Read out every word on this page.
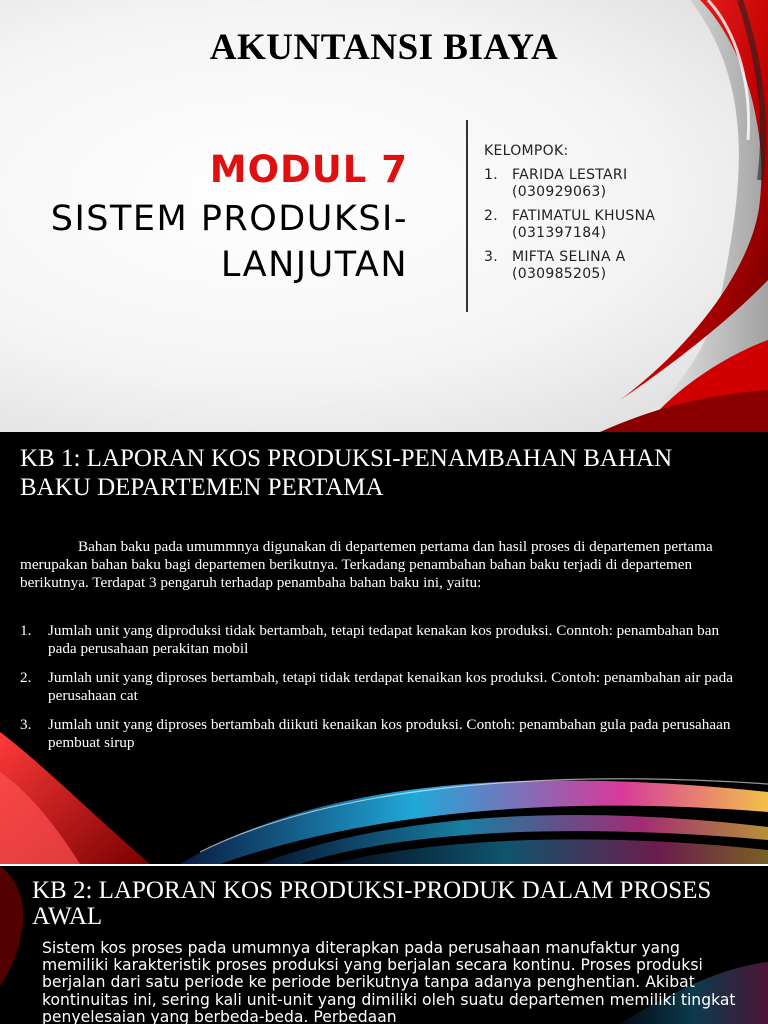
AKUNTANSI BIAYA
MODUL 7
SISTEM PRODUKSI-
LANJUTAN
KELOMPOK:
1.	FARIDA LESTARI
(030929063)
2.	FATIMATUL KHUSNA
(031397184)
3.	MIFTA SELINA A
(030985205)
KB 1: LAPORAN KOS PRODUKSI-PENAMBAHAN BAHAN BAKU DEPARTEMEN PERTAMA

Bahan baku pada umummnya digunakan di departemen pertama dan hasil proses di departemen pertama merupakan bahan baku bagi departemen berikutnya. Terkadang penambahan bahan baku terjadi di departemen berikutnya. Terdapat 3 pengaruh terhadap penambaha bahan baku ini, yaitu:

1.	Jumlah unit yang diproduksi tidak bertambah, tetapi tedapat kenakan kos produksi. Conntoh: penambahan ban pada perusahaan perakitan mobil
2.	Jumlah unit yang diproses bertambah, tetapi tidak terdapat kenaikan kos produksi. Contoh: penambahan air pada perusahaan cat
3.	Jumlah unit yang diproses bertambah diikuti kenaikan kos produksi. Contoh: penambahan gula pada perusahaan pembuat sirup
KB 2: LAPORAN KOS PRODUKSI-PRODUK DALAM PROSES AWAL

Sistem kos proses pada umumnya diterapkan pada perusahaan manufaktur yang memiliki karakteristik proses produksi yang berjalan secara kontinu. Proses produksi berjalan dari satu periode ke periode berikutnya tanpa adanya penghentian. Akibat kontinuitas ini, sering kali unit-unit yang dimiliki oleh suatu departemen memiliki tingkat penyelesaian yang berbeda-beda. Perbedaan
